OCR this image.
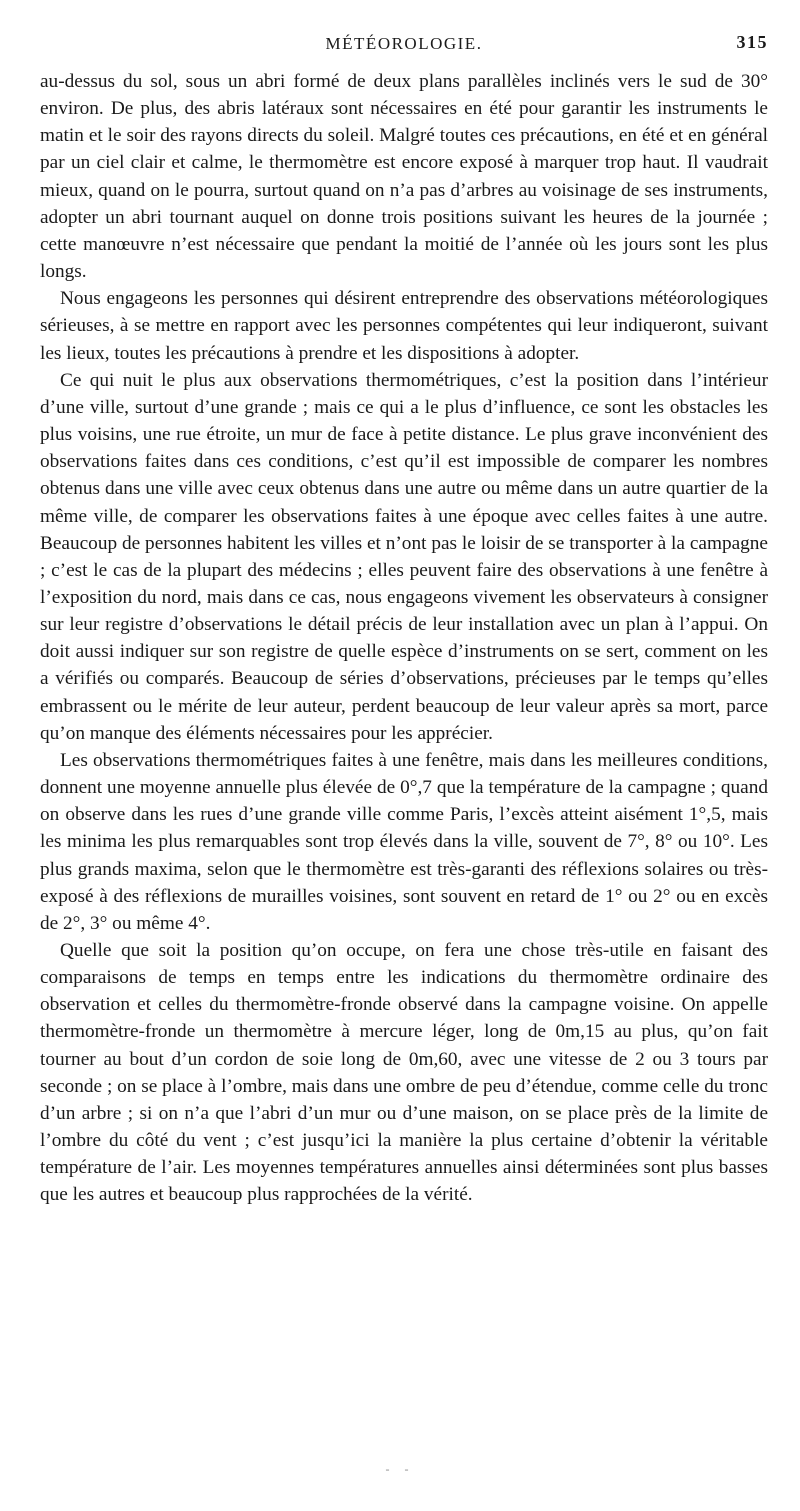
MÉTÉOROLOGIE.	315

au-dessus du sol, sous un abri formé de deux plans parallèles inclinés vers le sud de 30° environ. De plus, des abris latéraux sont nécessaires en été pour garantir les instruments le matin et le soir des rayons directs du soleil. Malgré toutes ces précautions, en été et en général par un ciel clair et calme, le thermomètre est encore exposé à marquer trop haut. Il vaudrait mieux, quand on le pourra, surtout quand on n’a pas d’arbres au voisinage de ses instruments, adopter un abri tournant auquel on donne trois positions suivant les heures de la journée ; cette manœuvre n’est nécessaire que pendant la moitié de l’année où les jours sont les plus longs.

Nous engageons les personnes qui désirent entreprendre des observations météorologiques sérieuses, à se mettre en rapport avec les personnes compétentes qui leur indiqueront, suivant les lieux, toutes les précautions à prendre et les dispositions à adopter.

Ce qui nuit le plus aux observations thermométriques, c’est la position dans l’intérieur d’une ville, surtout d’une grande ; mais ce qui a le plus d’influence, ce sont les obstacles les plus voisins, une rue étroite, un mur de face à petite distance. Le plus grave inconvénient des observations faites dans ces conditions, c’est qu’il est impossible de comparer les nombres obtenus dans une ville avec ceux obtenus dans une autre ou même dans un autre quartier de la même ville, de comparer les observations faites à une époque avec celles faites à une autre. Beaucoup de personnes habitent les villes et n’ont pas le loisir de se transporter à la campagne ; c’est le cas de la plupart des médecins ; elles peuvent faire des observations à une fenêtre à l’exposition du nord, mais dans ce cas, nous engageons vivement les observateurs à consigner sur leur registre d’observations le détail précis de leur installation avec un plan à l’appui. On doit aussi indiquer sur son registre de quelle espèce d’instruments on se sert, comment on les a vérifiés ou comparés. Beaucoup de séries d’observations, précieuses par le temps qu’elles embrassent ou le mérite de leur auteur, perdent beaucoup de leur valeur après sa mort, parce qu’on manque des éléments nécessaires pour les apprécier.

Les observations thermométriques faites à une fenêtre, mais dans les meilleures conditions, donnent une moyenne annuelle plus élevée de 0°,7 que la température de la campagne ; quand on observe dans les rues d’une grande ville comme Paris, l’excès atteint aisément 1°,5, mais les minima les plus remarquables sont trop élevés dans la ville, souvent de 7°, 8° ou 10°. Les plus grands maxima, selon que le thermomètre est très-garanti des réflexions solaires ou très-exposé à des réflexions de murailles voisines, sont souvent en retard de 1° ou 2° ou en excès de 2°, 3° ou même 4°.

Quelle que soit la position qu’on occupe, on fera une chose très-utile en faisant des comparaisons de temps en temps entre les indications du thermomètre ordinaire des observation et celles du thermomètre-fronde observé dans la campagne voisine. On appelle thermomètre-fronde un thermomètre à mercure léger, long de 0m,15 au plus, qu’on fait tourner au bout d’un cordon de soie long de 0m,60, avec une vitesse de 2 ou 3 tours par seconde ; on se place à l’ombre, mais dans une ombre de peu d’étendue, comme celle du tronc d’un arbre ; si on n’a que l’abri d’un mur ou d’une maison, on se place près de la limite de l’ombre du côté du vent ; c’est jusqu’ici la manière la plus certaine d’obtenir la véritable température de l’air. Les moyennes températures annuelles ainsi déterminées sont plus basses que les autres et beaucoup plus rapprochées de la vérité.

- -
